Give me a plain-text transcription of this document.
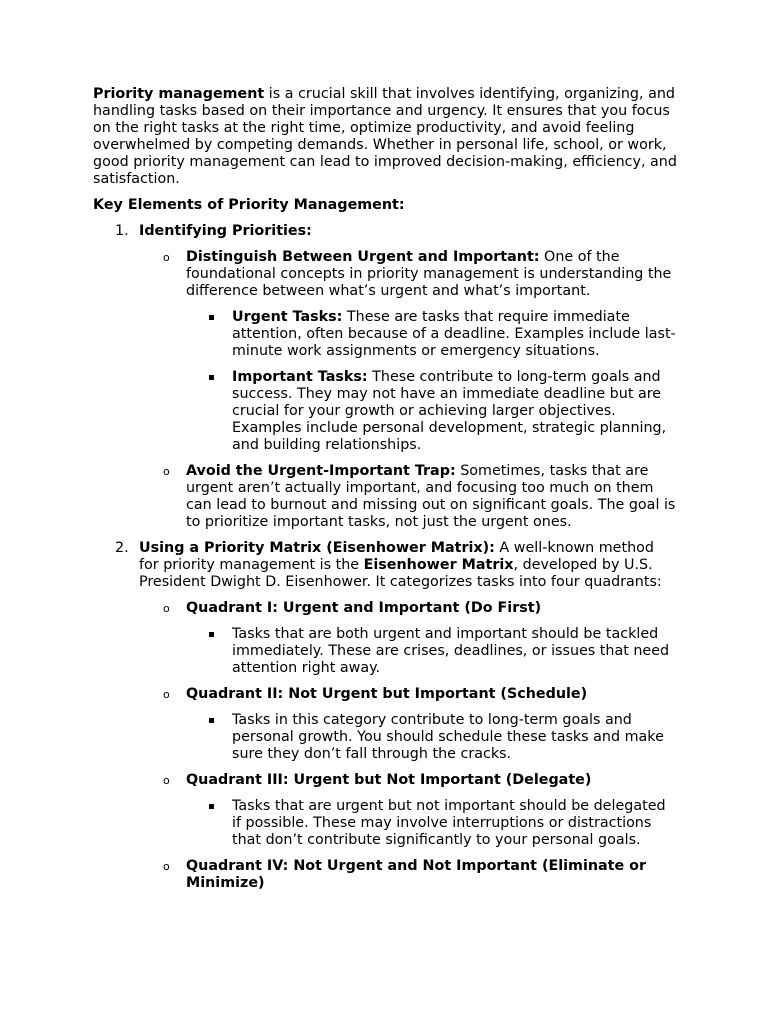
Priority management is a crucial skill that involves identifying, organizing, and handling tasks based on their importance and urgency. It ensures that you focus on the right tasks at the right time, optimize productivity, and avoid feeling overwhelmed by competing demands. Whether in personal life, school, or work, good priority management can lead to improved decision-making, efficiency, and satisfaction.

Key Elements of Priority Management:

1. Identifying Priorities:

o Distinguish Between Urgent and Important: One of the foundational concepts in priority management is understanding the difference between what’s urgent and what’s important.

Urgent Tasks: These are tasks that require immediate attention, often because of a deadline. Examples include last-minute work assignments or emergency situations.

Important Tasks: These contribute to long-term goals and success. They may not have an immediate deadline but are crucial for your growth or achieving larger objectives. Examples include personal development, strategic planning, and building relationships.

o Avoid the Urgent-Important Trap: Sometimes, tasks that are urgent aren’t actually important, and focusing too much on them can lead to burnout and missing out on significant goals. The goal is to prioritize important tasks, not just the urgent ones.

2. Using a Priority Matrix (Eisenhower Matrix): A well-known method for priority management is the Eisenhower Matrix, developed by U.S. President Dwight D. Eisenhower. It categorizes tasks into four quadrants:

o Quadrant I: Urgent and Important (Do First)

Tasks that are both urgent and important should be tackled immediately. These are crises, deadlines, or issues that need attention right away.

o Quadrant II: Not Urgent but Important (Schedule)

Tasks in this category contribute to long-term goals and personal growth. You should schedule these tasks and make sure they don’t fall through the cracks.

o Quadrant III: Urgent but Not Important (Delegate)

Tasks that are urgent but not important should be delegated if possible. These may involve interruptions or distractions that don’t contribute significantly to your personal goals.

o Quadrant IV: Not Urgent and Not Important (Eliminate or Minimize)
